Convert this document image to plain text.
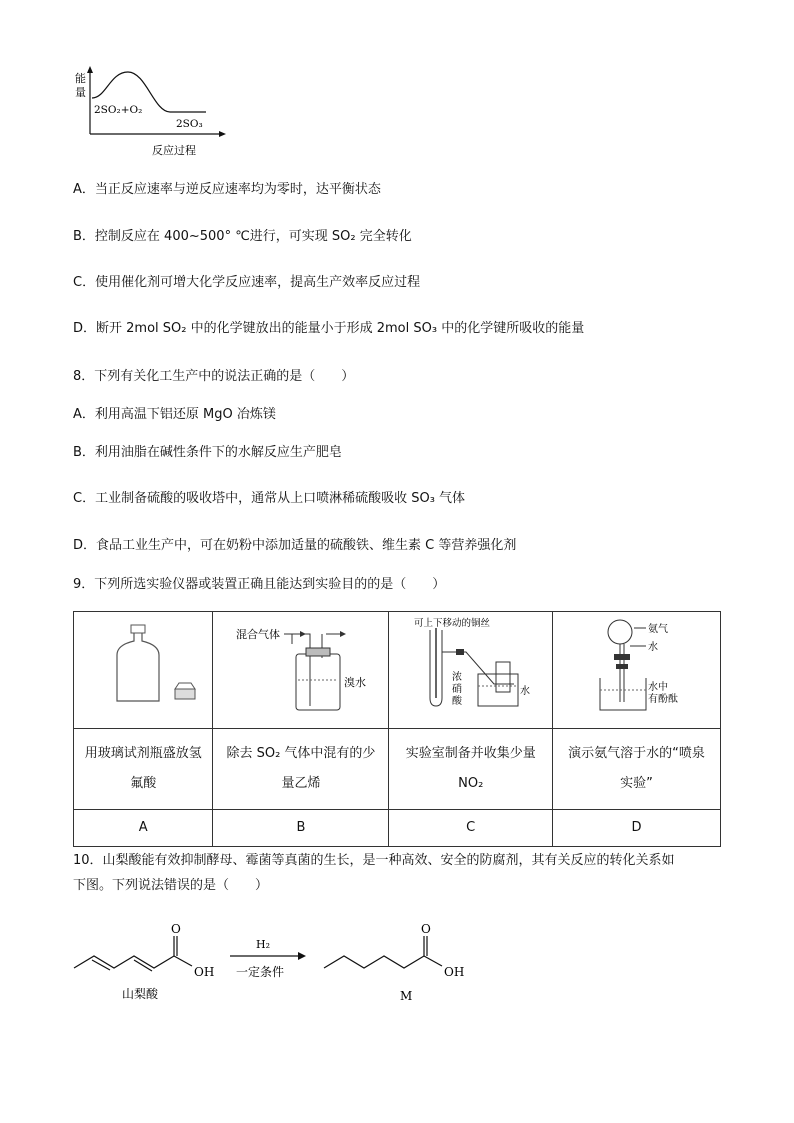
能
量
2SO₂+O₂
2SO₃
反应过程
A．当正反应速率与逆反应速率均为零时，达平衡状态
B．控制反应在 400~500° ℃进行，可实现 SO₂ 完全转化
C．使用催化剂可增大化学反应速率，提高生产效率反应过程
D．断开 2mol SO₂ 中的化学键放出的能量小于形成 2mol SO₃ 中的化学键所吸收的能量
8．下列有关化工生产中的说法正确的是（　　）
A．利用高温下铝还原 MgO 冶炼镁
B．利用油脂在碱性条件下的水解反应生产肥皂
C．工业制备硫酸的吸收塔中，通常从上口喷淋稀硫酸吸收 SO₃ 气体
D．食品工业生产中，可在奶粉中添加适量的硫酸铁、维生素 C 等营养强化剂
9．下列所选实验仪器或装置正确且能达到实验目的的是（　　）

混合气体
溴水	可上下移动的铜丝
浓
硝
酸
水	氨气
水
水中
有酚酞

用玻璃试剂瓶盛放氢氟酸	除去 SO₂ 气体中混有的少量乙烯	实验室制备并收集少量 NO₂	演示氨气溶于水的“喷泉实验”
A	B	C	D
10．山梨酸能有效抑制酵母、霉菌等真菌的生长，是一种高效、安全的防腐剂，其有关反应的转化关系如
下图。下列说法错误的是（　　）
O
OH
山梨酸
H₂
一定条件
O
OH
M
